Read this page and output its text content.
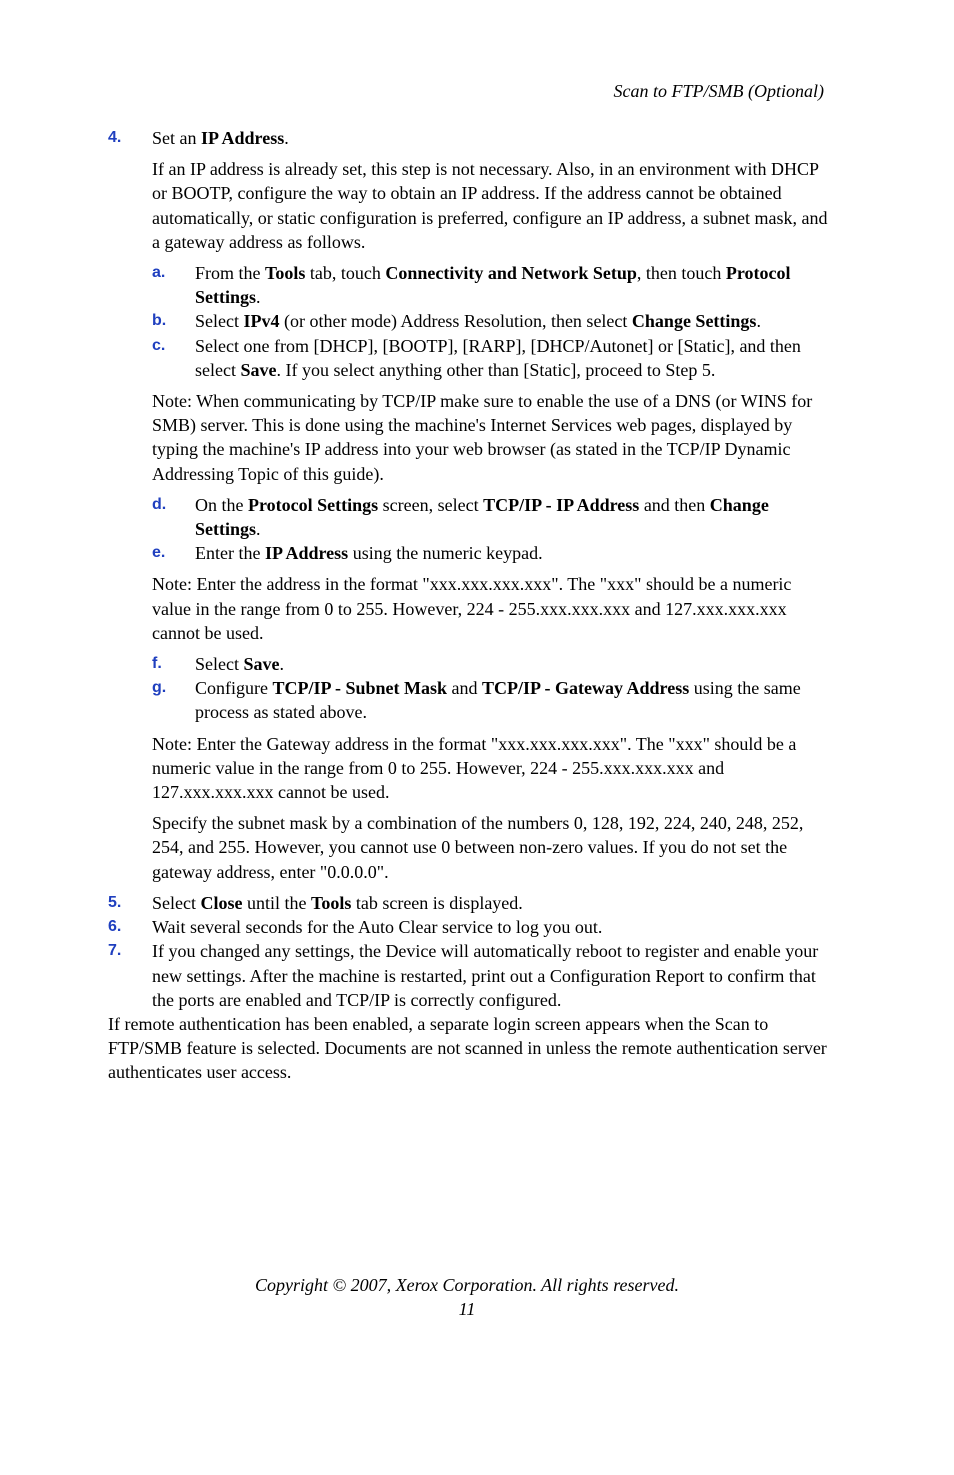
Scan to FTP/SMB (Optional)
4. Set an IP Address.
If an IP address is already set, this step is not necessary. Also, in an environment with DHCP or BOOTP, configure the way to obtain an IP address. If the address cannot be obtained automatically, or static configuration is preferred, configure an IP address, a subnet mask, and a gateway address as follows.
a. From the Tools tab, touch Connectivity and Network Setup, then touch Protocol Settings.
b. Select IPv4 (or other mode) Address Resolution, then select Change Settings.
c. Select one from [DHCP], [BOOTP], [RARP], [DHCP/Autonet] or [Static], and then select Save. If you select anything other than [Static], proceed to Step 5.
Note: When communicating by TCP/IP make sure to enable the use of a DNS (or WINS for SMB) server. This is done using the machine's Internet Services web pages, displayed by typing the machine's IP address into your web browser (as stated in the TCP/IP Dynamic Addressing Topic of this guide).
d. On the Protocol Settings screen, select TCP/IP - IP Address and then Change Settings.
e. Enter the IP Address using the numeric keypad.
Note: Enter the address in the format "xxx.xxx.xxx.xxx". The "xxx" should be a numeric value in the range from 0 to 255. However, 224 - 255.xxx.xxx.xxx and 127.xxx.xxx.xxx cannot be used.
f. Select Save.
g. Configure TCP/IP - Subnet Mask and TCP/IP - Gateway Address using the same process as stated above.
Note: Enter the Gateway address in the format "xxx.xxx.xxx.xxx". The "xxx" should be a numeric value in the range from 0 to 255. However, 224 - 255.xxx.xxx.xxx and 127.xxx.xxx.xxx cannot be used.
Specify the subnet mask by a combination of the numbers 0, 128, 192, 224, 240, 248, 252, 254, and 255. However, you cannot use 0 between non-zero values. If you do not set the gateway address, enter "0.0.0.0".
5. Select Close until the Tools tab screen is displayed.
6. Wait several seconds for the Auto Clear service to log you out.
7. If you changed any settings, the Device will automatically reboot to register and enable your new settings. After the machine is restarted, print out a Configuration Report to confirm that the ports are enabled and TCP/IP is correctly configured.
If remote authentication has been enabled, a separate login screen appears when the Scan to FTP/SMB feature is selected. Documents are not scanned in unless the remote authentication server authenticates user access.
Copyright © 2007, Xerox Corporation. All rights reserved.
11
